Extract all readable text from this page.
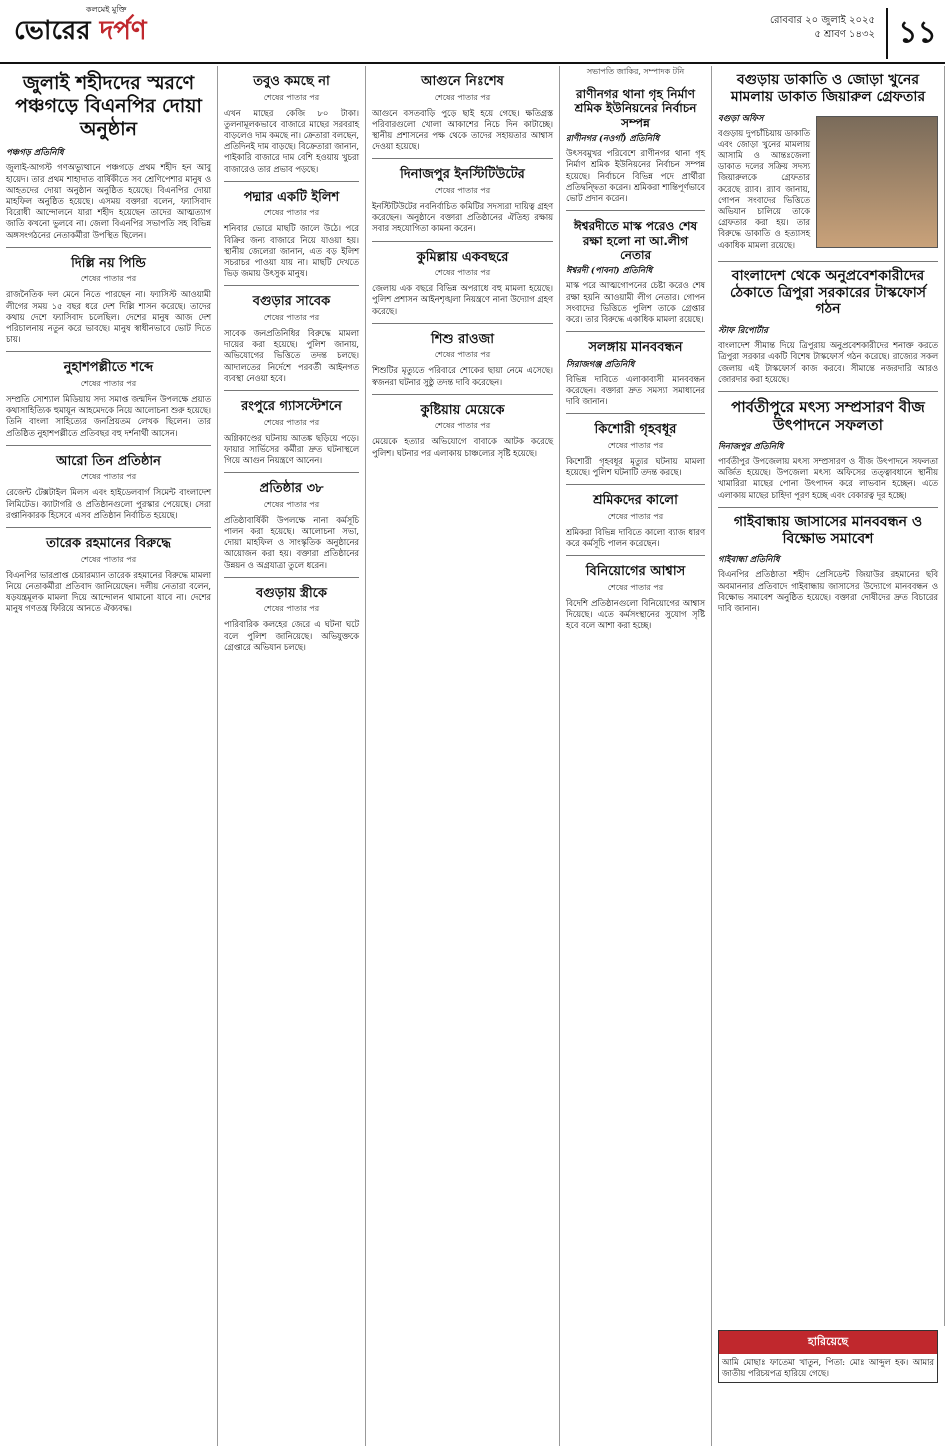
কলমেই মুক্তি
ভোরের দর্পণ	রোববার ২০ জুলাই ২০২৫
৫ শ্রাবণ ১৪৩২ ১১
জুলাই শহীদদের স্মরণে পঞ্চগড়ে বিএনপির দোয়া অনুষ্ঠান
পঞ্চগড় প্রতিনিধি
জুলাই-আগস্ট গণঅভ্যুত্থানে পঞ্চগড়ে প্রথম শহীদ হন আবু হায়েদ। তার প্রথম শাহাদাত বার্ষিকীতে সব শ্রেণিপেশার মানুষ ও আহতদের দোয়া অনুষ্ঠান অনুষ্ঠিত হয়েছে। বিএনপির দোয়া মাহফিল অনুষ্ঠিত হয়েছে। এসময় বক্তারা বলেন, ফ্যাসিবাদ বিরোধী আন্দোলনে যারা শহীদ হয়েছেন তাদের আত্মত্যাগ জাতি কখনো ভুলবে না। জেলা বিএনপির সভাপতি সহ বিভিন্ন অঙ্গসংগঠনের নেতাকর্মীরা উপস্থিত ছিলেন।
দিল্লি নয় পিন্ডি
শেষের পাতার পর
রাজনৈতিক দল মেনে নিতে পারছেন না। ফ্যাসিস্ট আওয়ামী লীগের সময় ১৫ বছর ধরে দেশ দিল্লি শাসন করেছে। তাদের কথায় দেশে ফ্যাসিবাদ চলেছিল। দেশের মানুষ আজ দেশ পরিচালনায় নতুন করে ভাবছে। মানুষ স্বাধীনভাবে ভোট দিতে চায়।
নুহাশপল্লীতে শব্দে
শেষের পাতার পর
সম্প্রতি সোশ্যাল মিডিয়ায় সদ্য সমাপ্ত জন্মদিন উপলক্ষে প্রয়াত কথাসাহিত্যিক হুমায়ূন আহমেদকে নিয়ে আলোচনা শুরু হয়েছে। তিনি বাংলা সাহিত্যের জনপ্রিয়তম লেখক ছিলেন। তার প্রতিষ্ঠিত নুহাশপল্লীতে প্রতিবছর বহু দর্শনার্থী আসেন।
আরো তিন প্রতিষ্ঠান
শেষের পাতার পর
রেজেন্ট টেক্সটাইল মিলস এবং হাইডেলবার্গ সিমেন্ট বাংলাদেশ লিমিটেড। ক্যাটাগরি ও প্রতিষ্ঠানগুলো পুরস্কার পেয়েছে। সেরা রপ্তানিকারক হিসেবে এসব প্রতিষ্ঠান নির্বাচিত হয়েছে।
তারেক রহমানের বিরুদ্ধে
শেষের পাতার পর
বিএনপির ভারপ্রাপ্ত চেয়ারম্যান তারেক রহমানের বিরুদ্ধে মামলা নিয়ে নেতাকর্মীরা প্রতিবাদ জানিয়েছেন। দলীয় নেতারা বলেন, ষড়যন্ত্রমূলক মামলা দিয়ে আন্দোলন থামানো যাবে না। দেশের মানুষ গণতন্ত্র ফিরিয়ে আনতে ঐক্যবদ্ধ।
তবুও কমছে না
শেষের পাতার পর
এখন মাছের কেজি ৮০ টাকা। তুলনামূলকভাবে বাজারে মাছের সরবরাহ বাড়লেও দাম কমছে না। ক্রেতারা বলছেন, প্রতিদিনই দাম বাড়ছে। বিক্রেতারা জানান, পাইকারি বাজারে দাম বেশি হওয়ায় খুচরা বাজারেও তার প্রভাব পড়ছে।
পদ্মার একটি ইলিশ
শেষের পাতার পর
শনিবার ভোরে মাছটি জালে উঠে। পরে বিক্রির জন্য বাজারে নিয়ে যাওয়া হয়। স্থানীয় জেলেরা জানান, এত বড় ইলিশ সচরাচর পাওয়া যায় না। মাছটি দেখতে ভিড় জমায় উৎসুক মানুষ।
বগুড়ার সাবেক
শেষের পাতার পর
সাবেক জনপ্রতিনিধির বিরুদ্ধে মামলা দায়ের করা হয়েছে। পুলিশ জানায়, অভিযোগের ভিত্তিতে তদন্ত চলছে। আদালতের নির্দেশে পরবর্তী আইনগত ব্যবস্থা নেওয়া হবে।
রংপুরে গ্যাসস্টেশনে
শেষের পাতার পর
অগ্নিকাণ্ডের ঘটনায় আতঙ্ক ছড়িয়ে পড়ে। ফায়ার সার্ভিসের কর্মীরা দ্রুত ঘটনাস্থলে গিয়ে আগুন নিয়ন্ত্রণে আনেন।
প্রতিষ্ঠার ৩৮
শেষের পাতার পর
প্রতিষ্ঠাবার্ষিকী উপলক্ষে নানা কর্মসূচি পালন করা হয়েছে। আলোচনা সভা, দোয়া মাহফিল ও সাংস্কৃতিক অনুষ্ঠানের আয়োজন করা হয়। বক্তারা প্রতিষ্ঠানের উন্নয়ন ও অগ্রযাত্রা তুলে ধরেন।
বগুড়ায় স্ত্রীকে
শেষের পাতার পর
পারিবারিক কলহের জেরে এ ঘটনা ঘটে বলে পুলিশ জানিয়েছে। অভিযুক্তকে গ্রেপ্তারে অভিযান চলছে।
আগুনে নিঃশেষ
শেষের পাতার পর
আগুনে বসতবাড়ি পুড়ে ছাই হয়ে গেছে। ক্ষতিগ্রস্ত পরিবারগুলো খোলা আকাশের নিচে দিন কাটাচ্ছে। স্থানীয় প্রশাসনের পক্ষ থেকে তাদের সহায়তার আশ্বাস দেওয়া হয়েছে।
দিনাজপুর ইনস্টিটিউটের
শেষের পাতার পর
ইনস্টিটিউটের নবনির্বাচিত কমিটির সদস্যরা দায়িত্ব গ্রহণ করেছেন। অনুষ্ঠানে বক্তারা প্রতিষ্ঠানের ঐতিহ্য রক্ষায় সবার সহযোগিতা কামনা করেন।
কুমিল্লায় একবছরে
শেষের পাতার পর
জেলায় এক বছরে বিভিন্ন অপরাধে বহু মামলা হয়েছে। পুলিশ প্রশাসন আইনশৃঙ্খলা নিয়ন্ত্রণে নানা উদ্যোগ গ্রহণ করেছে।
শিশু রাওজা
শেষের পাতার পর
শিশুটির মৃত্যুতে পরিবারে শোকের ছায়া নেমে এসেছে। স্বজনরা ঘটনার সুষ্ঠু তদন্ত দাবি করেছেন।
কুষ্টিয়ায় মেয়েকে
শেষের পাতার পর
মেয়েকে হত্যার অভিযোগে বাবাকে আটক করেছে পুলিশ। ঘটনার পর এলাকায় চাঞ্চল্যের সৃষ্টি হয়েছে।
সভাপতি জাকির, সম্পাদক টনি
রাণীনগর থানা গৃহ নির্মাণ শ্রমিক ইউনিয়নের নির্বাচন সম্পন্ন
রাণীনগর (নওগাঁ) প্রতিনিধি
উৎসবমুখর পরিবেশে রাণীনগর থানা গৃহ নির্মাণ শ্রমিক ইউনিয়নের নির্বাচন সম্পন্ন হয়েছে। নির্বাচনে বিভিন্ন পদে প্রার্থীরা প্রতিদ্বন্দ্বিতা করেন। শ্রমিকরা শান্তিপূর্ণভাবে ভোট প্রদান করেন।
ঈশ্বরদীতে মাস্ক পরেও শেষ রক্ষা হলো না আ.লীগ নেতার
ঈশ্বরদী (পাবনা) প্রতিনিধি
মাস্ক পরে আত্মগোপনের চেষ্টা করেও শেষ রক্ষা হয়নি আওয়ামী লীগ নেতার। গোপন সংবাদের ভিত্তিতে পুলিশ তাকে গ্রেপ্তার করে। তার বিরুদ্ধে একাধিক মামলা রয়েছে।
সলঙ্গায় মানববন্ধন
সিরাজগঞ্জ প্রতিনিধি
বিভিন্ন দাবিতে এলাকাবাসী মানববন্ধন করেছেন। বক্তারা দ্রুত সমস্যা সমাধানের দাবি জানান।
কিশোরী গৃহবধূর
শেষের পাতার পর
কিশোরী গৃহবধূর মৃত্যুর ঘটনায় মামলা হয়েছে। পুলিশ ঘটনাটি তদন্ত করছে।
শ্রমিকদের কালো
শেষের পাতার পর
শ্রমিকরা বিভিন্ন দাবিতে কালো ব্যাজ ধারণ করে কর্মসূচি পালন করেছেন।
বিনিয়োগের আশ্বাস
শেষের পাতার পর
বিদেশি প্রতিষ্ঠানগুলো বিনিয়োগের আশ্বাস দিয়েছে। এতে কর্মসংস্থানের সুযোগ সৃষ্টি হবে বলে আশা করা হচ্ছে।
বগুড়ায় ডাকাতি ও জোড়া খুনের মামলায় ডাকাত জিয়ারুল গ্রেফতার
বগুড়া অফিস
বগুড়ায় দুপচাঁচিয়ায় ডাকাতি এবং জোড়া খুনের মামলায় আসামি ও আন্তঃজেলা ডাকাত দলের সক্রিয় সদস্য জিয়ারুলকে গ্রেফতার করেছে র‌্যাব। র‌্যাব জানায়, গোপন সংবাদের ভিত্তিতে অভিযান চালিয়ে তাকে গ্রেফতার করা হয়। তার বিরুদ্ধে ডাকাতি ও হত্যাসহ একাধিক মামলা রয়েছে।
বাংলাদেশ থেকে অনুপ্রবেশকারীদের ঠেকাতে ত্রিপুরা সরকারের টাস্কফোর্স গঠন
স্টাফ রিপোর্টার
বাংলাদেশ সীমান্ত দিয়ে ত্রিপুরায় অনুপ্রবেশকারীদের শনাক্ত করতে ত্রিপুরা সরকার একটি বিশেষ টাস্কফোর্স গঠন করেছে। রাজ্যের সকল জেলায় এই টাস্কফোর্স কাজ করবে। সীমান্তে নজরদারি আরও জোরদার করা হয়েছে।
পার্বতীপুরে মৎস্য সম্প্রসারণ বীজ উৎপাদনে সফলতা
দিনাজপুর প্রতিনিধি
পার্বতীপুর উপজেলায় মৎস্য সম্প্রসারণ ও বীজ উৎপাদনে সফলতা অর্জিত হয়েছে। উপজেলা মৎস্য অফিসের তত্ত্বাবধানে স্থানীয় খামারিরা মাছের পোনা উৎপাদন করে লাভবান হচ্ছেন। এতে এলাকায় মাছের চাহিদা পূরণ হচ্ছে এবং বেকারত্ব দূর হচ্ছে।
গাইবান্ধায় জাসাসের মানববন্ধন ও বিক্ষোভ সমাবেশ
গাইবান্ধা প্রতিনিধি
বিএনপির প্রতিষ্ঠাতা শহীদ প্রেসিডেন্ট জিয়াউর রহমানের ছবি অবমাননার প্রতিবাদে গাইবান্ধায় জাসাসের উদ্যোগে মানববন্ধন ও বিক্ষোভ সমাবেশ অনুষ্ঠিত হয়েছে। বক্তারা দোষীদের দ্রুত বিচারের দাবি জানান।
হারিয়েছে
আমি মোছাঃ ফাতেমা খাতুন, পিতা: মোঃ আব্দুল হক। আমার জাতীয় পরিচয়পত্র হারিয়ে গেছে।
